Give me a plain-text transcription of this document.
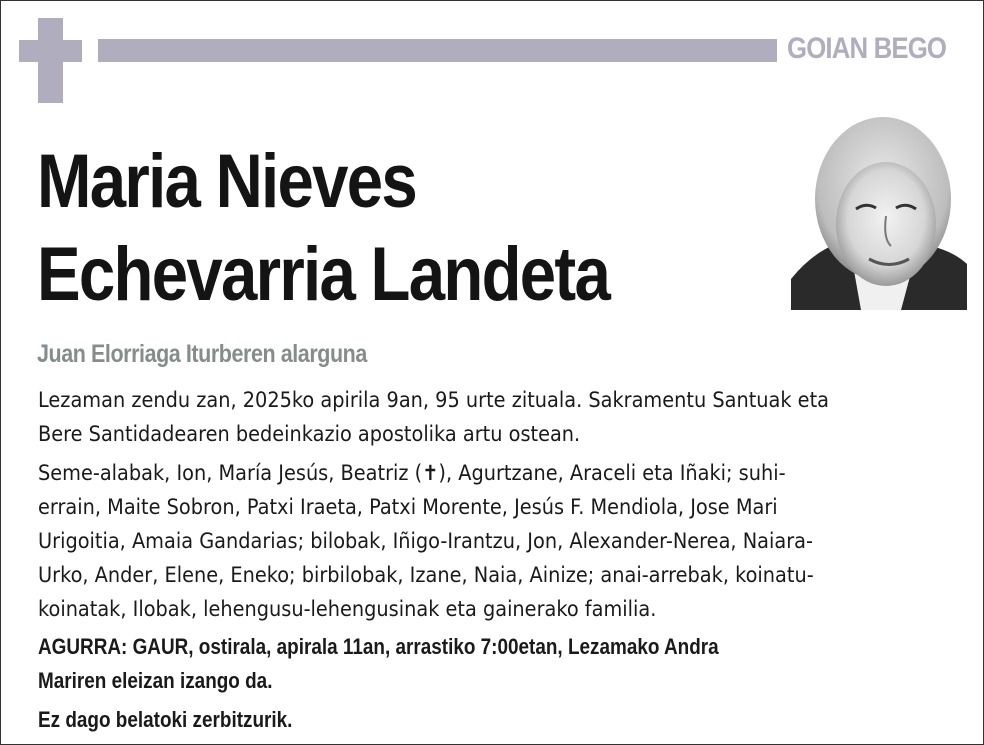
GOIAN BEGO
Maria Nieves
Echevarria Landeta
Juan Elorriaga Iturberen alarguna
Lezaman zendu zan, 2025ko apirila 9an, 95 urte zituala. Sakramentu Santuak eta
Bere Santidadearen bedeinkazio apostolika artu ostean.
Seme-alabak, Ion, María Jesús, Beatriz (✝), Agurtzane, Araceli eta Iñaki; suhi-
errain, Maite Sobron, Patxi Iraeta, Patxi Morente, Jesús F. Mendiola, Jose Mari
Urigoitia, Amaia Gandarias; bilobak, Iñigo-Irantzu, Jon, Alexander-Nerea, Naiara-
Urko, Ander, Elene, Eneko; birbilobak, Izane, Naia, Ainize; anai-arrebak, koinatu-
koinatak, Ilobak, lehengusu-lehengusinak eta gainerako familia.
AGURRA: GAUR, ostirala, apirala 11an, arrastiko 7:00etan, Lezamako Andra
Mariren eleizan izango da.
Ez dago belatoki zerbitzurik.
